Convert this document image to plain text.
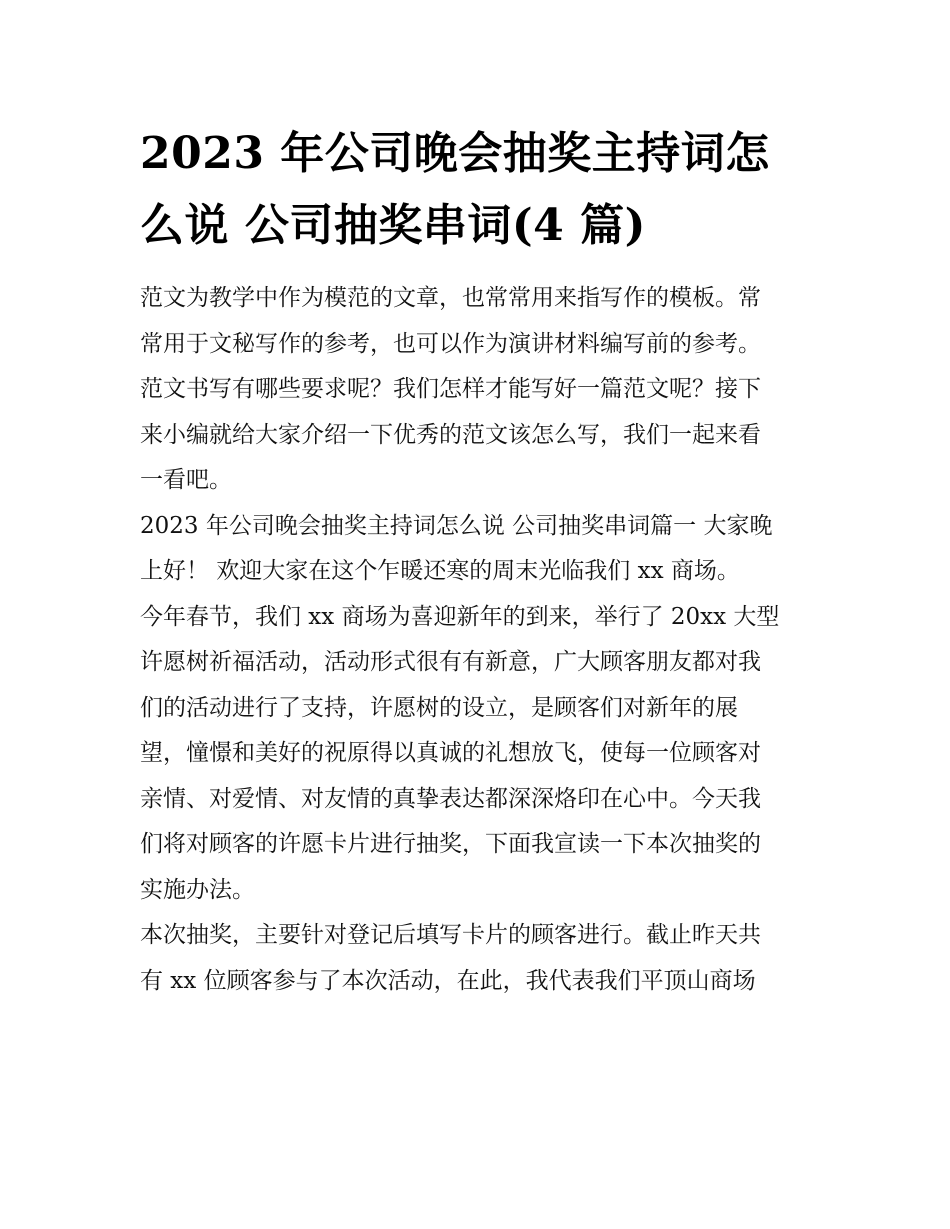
2023 年公司晚会抽奖主持词怎
么说 公司抽奖串词(4 篇)

范文为教学中作为模范的文章，也常常用来指写作的模板。常
常用于文秘写作的参考，也可以作为演讲材料编写前的参考。
范文书写有哪些要求呢？我们怎样才能写好一篇范文呢？接下
来小编就给大家介绍一下优秀的范文该怎么写，我们一起来看
一看吧。

2023 年公司晚会抽奖主持词怎么说 公司抽奖串词篇一 大家晚
上好！ 欢迎大家在这个乍暖还寒的周末光临我们 xx 商场。

今年春节，我们 xx 商场为喜迎新年的到来，举行了 20xx 大型
许愿树祈福活动，活动形式很有有新意，广大顾客朋友都对我
们的活动进行了支持，许愿树的设立，是顾客们对新年的展
望，憧憬和美好的祝原得以真诚的礼想放飞，使每一位顾客对
亲情、对爱情、对友情的真挚表达都深深烙印在心中。今天我
们将对顾客的许愿卡片进行抽奖，下面我宣读一下本次抽奖的
实施办法。

本次抽奖，主要针对登记后填写卡片的顾客进行。截止昨天共
有 xx 位顾客参与了本次活动，在此，我代表我们平顶山商场
